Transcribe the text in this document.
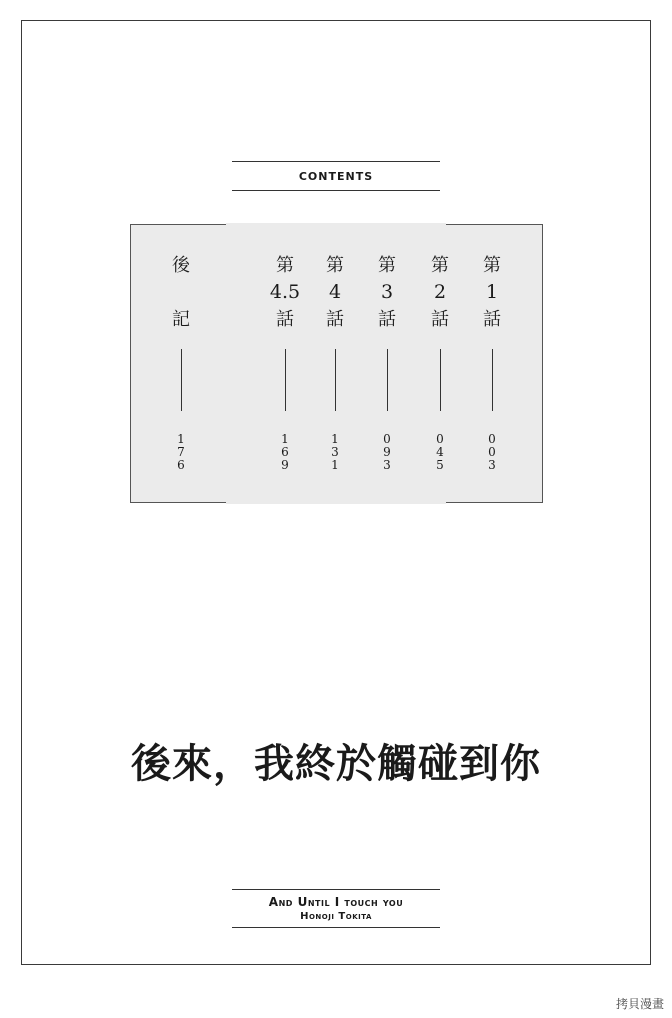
CONTENTS
後
記
1
7
6
第
4.5
話
1
6
9
第
4
話
1
3
1
第
3
話
0
9
3
第
2
話
0
4
5
第
1
話
0
0
3
後來，我終於觸碰到你
And Until I touch you
Honoji Tokita
拷貝漫畫
